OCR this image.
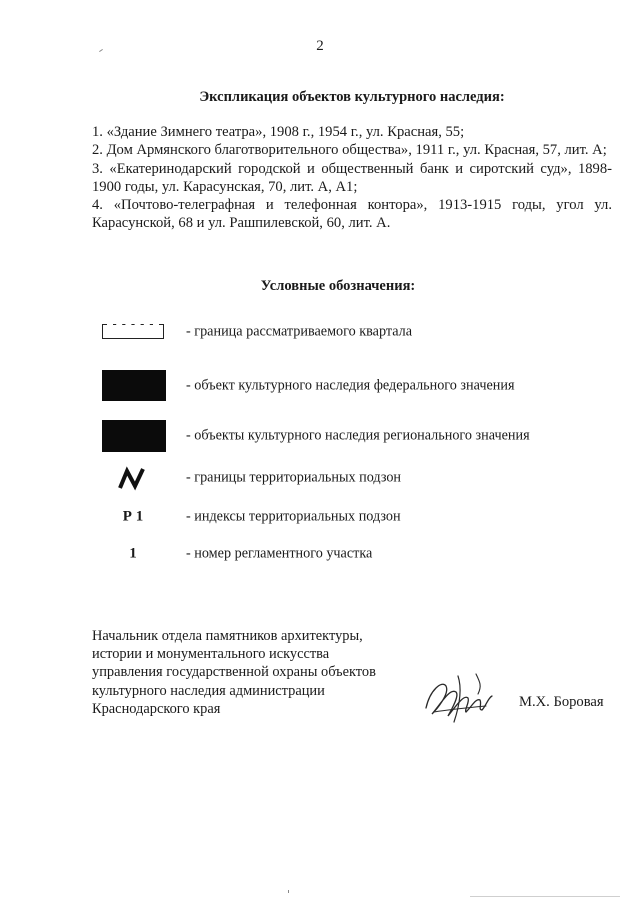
2
Экспликация объектов культурного наследия:
1. «Здание Зимнего театра», 1908 г., 1954 г., ул. Красная, 55;
2. Дом Армянского благотворительного общества», 1911 г., ул. Красная, 57, лит. А;
3. «Екатеринодарский городской и общественный банк и сиротский суд», 1898-1900 годы, ул. Карасунская, 70, лит. А, А1;
4. «Почтово-телеграфная и телефонная контора», 1913-1915 годы, угол ул. Карасунской, 68 и ул. Рашпилевской, 60, лит. А.
Условные обозначения:
- граница рассматриваемого квартала
- объект культурного наследия федерального значения
- объекты культурного наследия регионального значения
- границы территориальных подзон
Р 1	- индексы территориальных подзон
1	- номер регламентного участка
Начальник отдела памятников архитектуры,
истории и монументального искусства
управления государственной охраны объектов
культурного наследия администрации
Краснодарского края	М.Х. Боровая
